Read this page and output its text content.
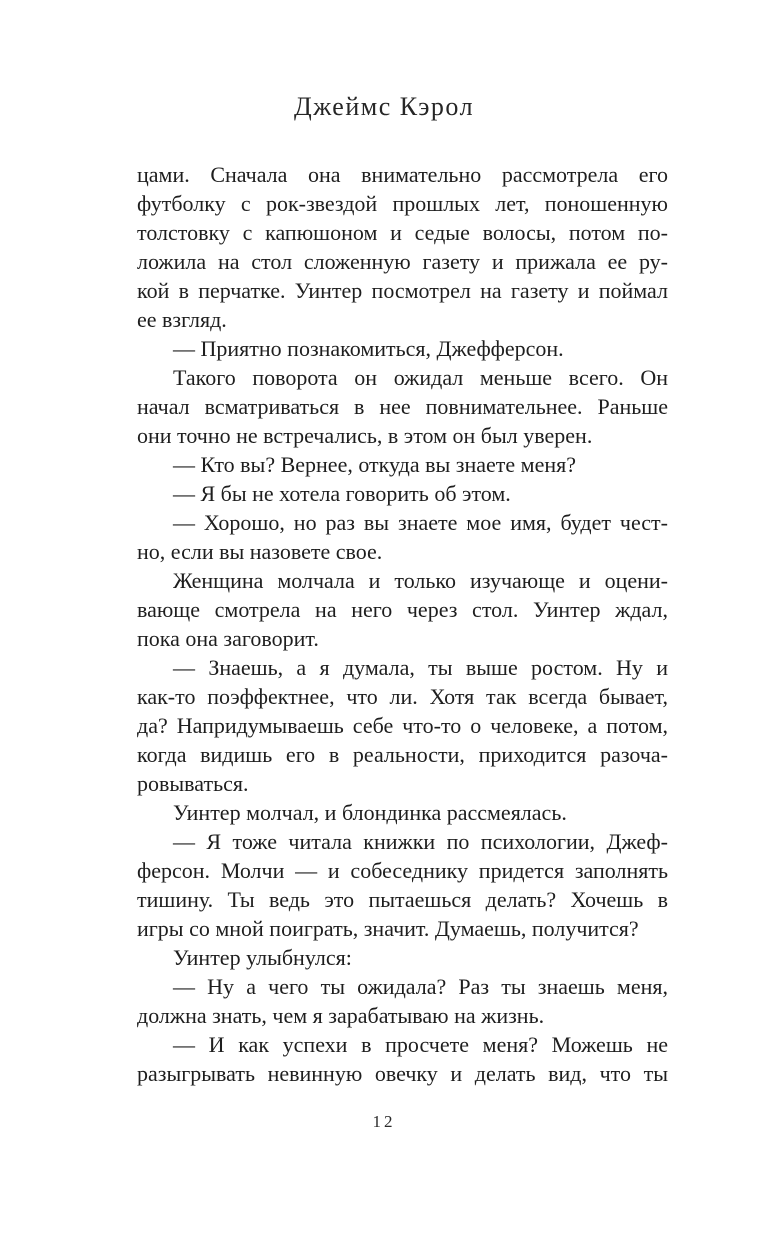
Джеймс Кэрол
цами. Сначала она внимательно рассмотрела его
футболку с рок-звездой прошлых лет, поношенную
толстовку с капюшоном и седые волосы, потом по-
ложила на стол сложенную газету и прижала ее ру-
кой в перчатке. Уинтер посмотрел на газету и поймал
ее взгляд.
— Приятно познакомиться, Джефферсон.
Такого поворота он ожидал меньше всего. Он
начал всматриваться в нее повнимательнее. Раньше
они точно не встречались, в этом он был уверен.
— Кто вы? Вернее, откуда вы знаете меня?
— Я бы не хотела говорить об этом.
— Хорошо, но раз вы знаете мое имя, будет чест-
но, если вы назовете свое.
Женщина молчала и только изучающе и оцени-
вающе смотрела на него через стол. Уинтер ждал,
пока она заговорит.
— Знаешь, а я думала, ты выше ростом. Ну и
как-то поэффектнее, что ли. Хотя так всегда бывает,
да? Напридумываешь себе что-то о человеке, а потом,
когда видишь его в реальности, приходится разоча-
ровываться.
Уинтер молчал, и блондинка рассмеялась.
— Я тоже читала книжки по психологии, Джеф-
ферсон. Молчи — и собеседнику придется заполнять
тишину. Ты ведь это пытаешься делать? Хочешь в
игры со мной поиграть, значит. Думаешь, получится?
Уинтер улыбнулся:
— Ну а чего ты ожидала? Раз ты знаешь меня,
должна знать, чем я зарабатываю на жизнь.
— И как успехи в просчете меня? Можешь не
разыгрывать невинную овечку и делать вид, что ты
12
